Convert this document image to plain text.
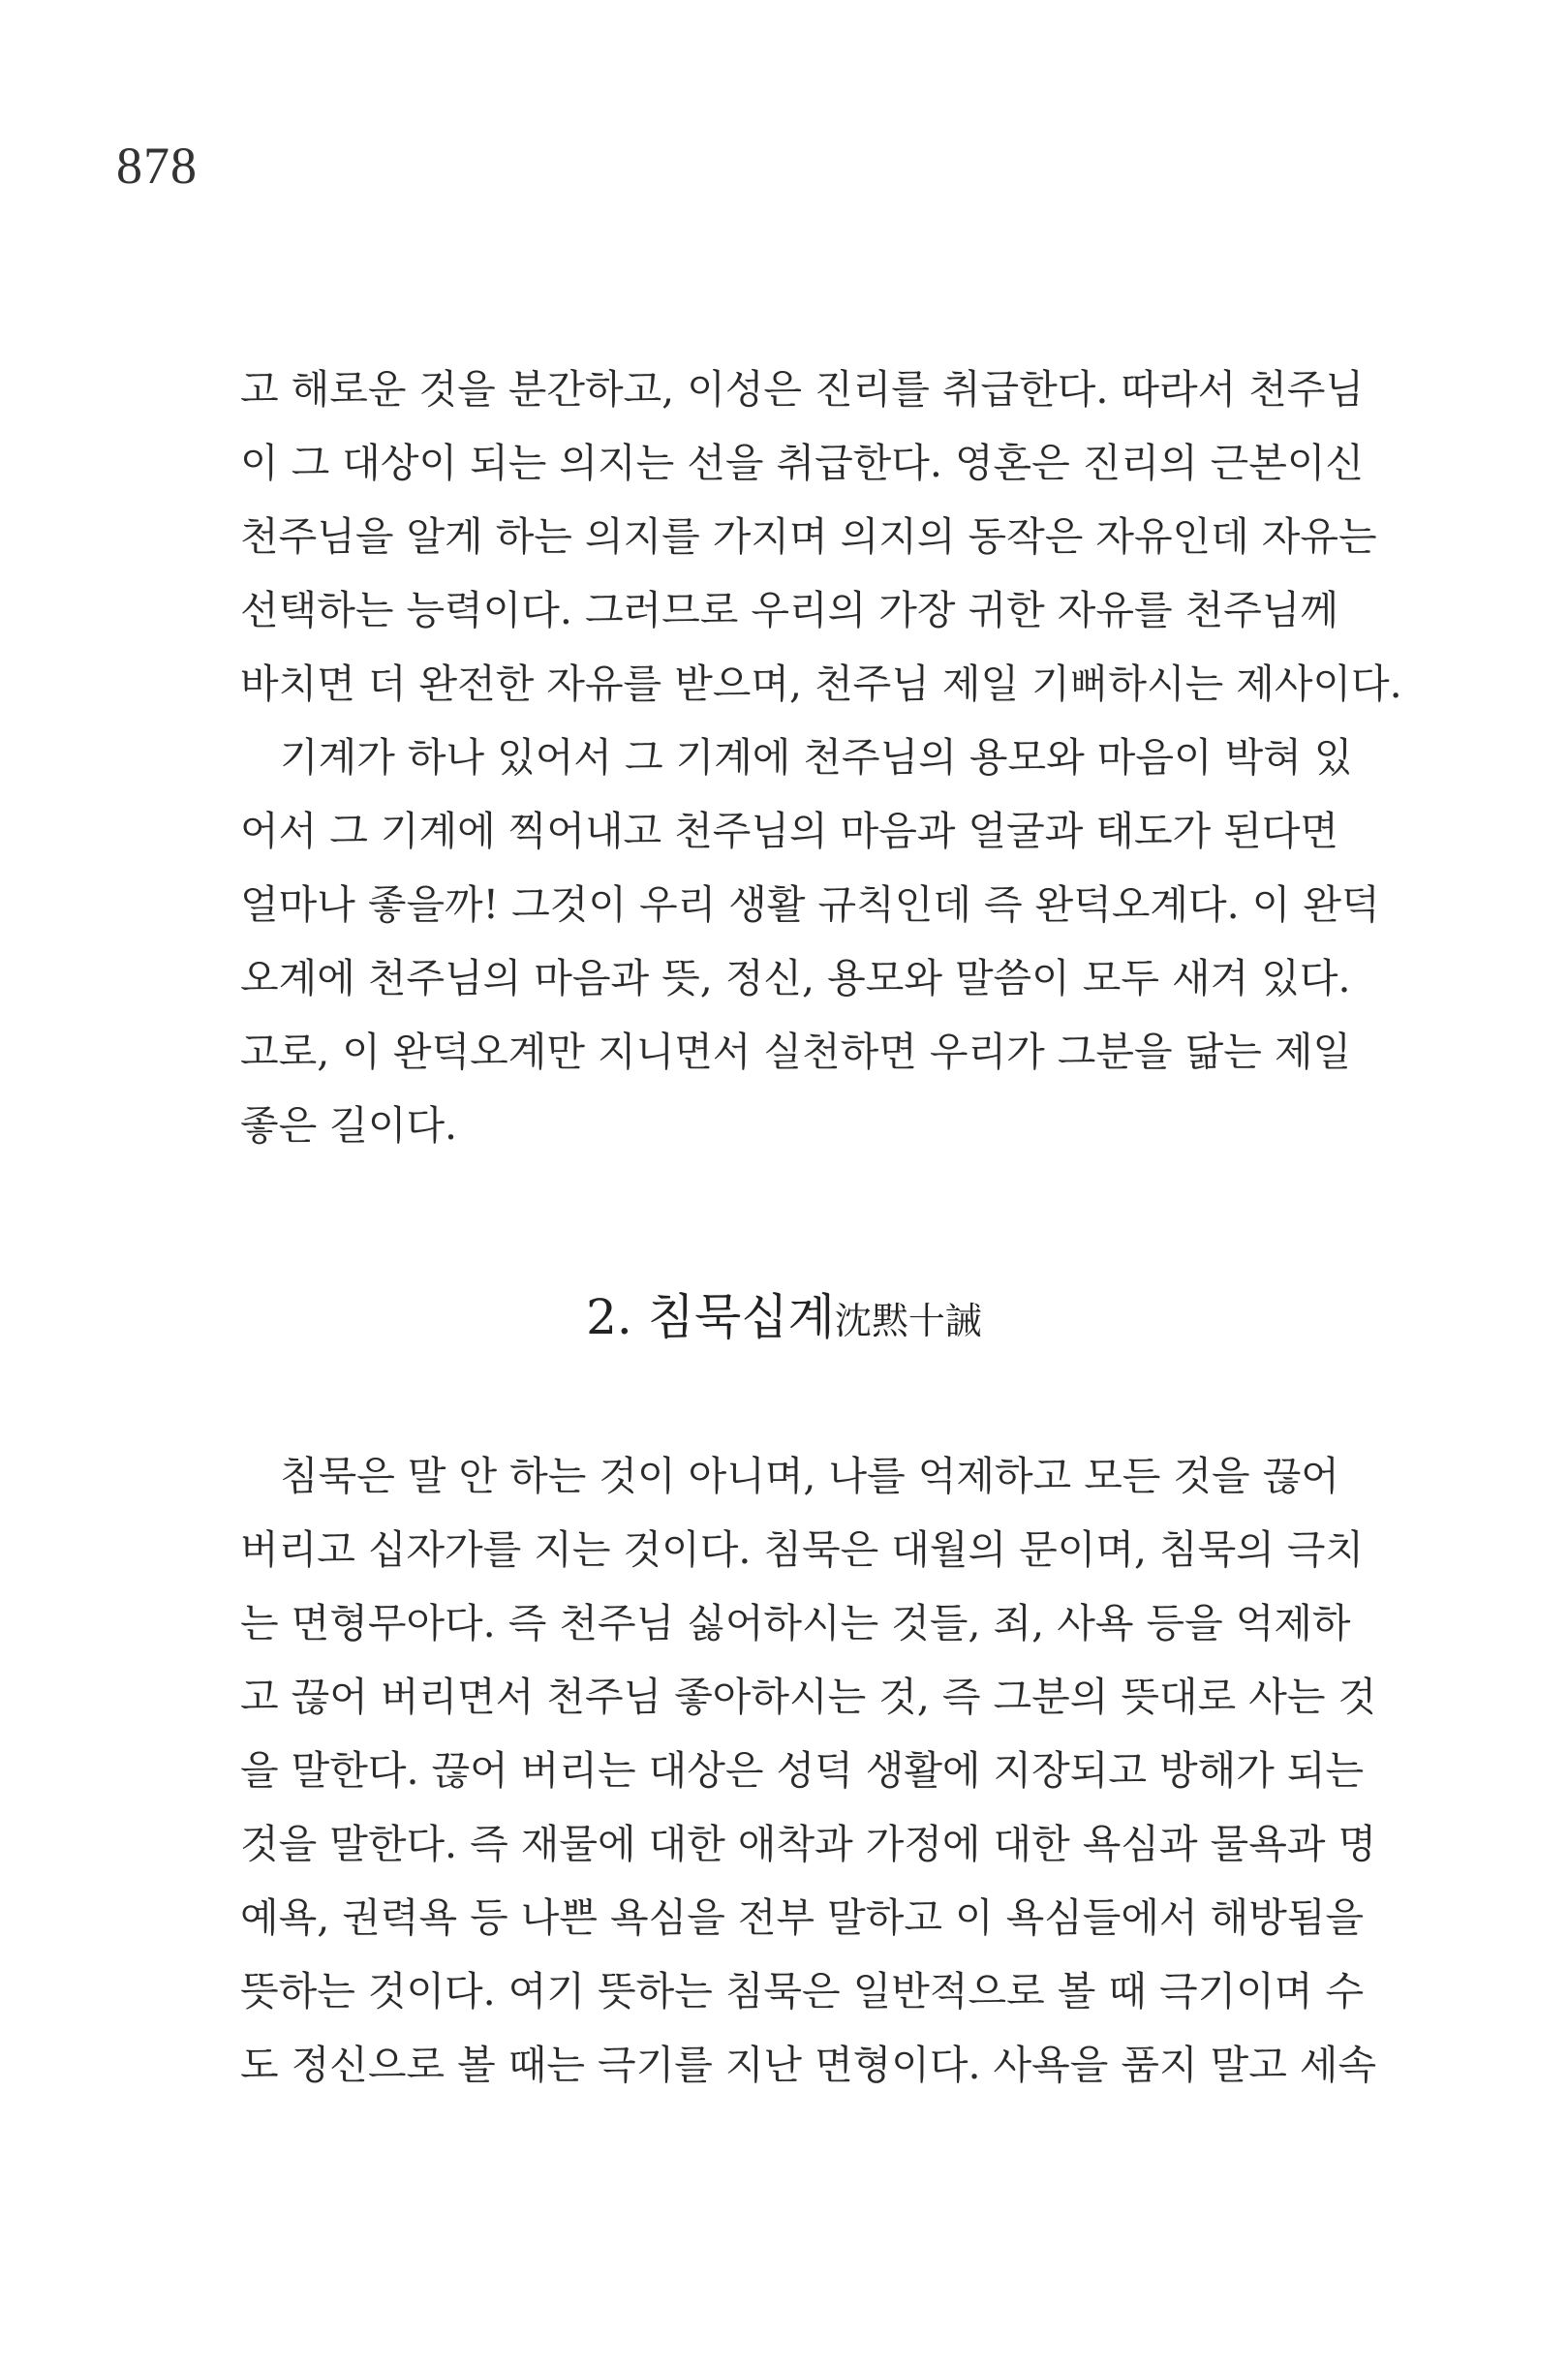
878
고 해로운 것을 분간하고, 이성은 진리를 취급한다. 따라서 천주님
이 그 대상이 되는 의지는 선을 취급한다. 영혼은 진리의 근본이신
천주님을 알게 하는 의지를 가지며 의지의 동작은 자유인데 자유는
선택하는 능력이다. 그러므로 우리의 가장 귀한 자유를 천주님께
바치면 더 완전한 자유를 받으며, 천주님 제일 기뻐하시는 제사이다.
　기계가 하나 있어서 그 기계에 천주님의 용모와 마음이 박혀 있
어서 그 기계에 찍어내고 천주님의 마음과 얼굴과 태도가 된다면
얼마나 좋을까! 그것이 우리 생활 규칙인데 즉 완덕오계다. 이 완덕
오계에 천주님의 마음과 뜻, 정신, 용모와 말씀이 모두 새겨 있다.
고로, 이 완덕오계만 지니면서 실천하면 우리가 그분을 닮는 제일
좋은 길이다.
2. 침묵십계沈黙十誡
　침묵은 말 안 하는 것이 아니며, 나를 억제하고 모든 것을 끊어
버리고 십자가를 지는 것이다. 침묵은 대월의 문이며, 침묵의 극치
는 면형무아다. 즉 천주님 싫어하시는 것들, 죄, 사욕 등을 억제하
고 끊어 버리면서 천주님 좋아하시는 것, 즉 그분의 뜻대로 사는 것
을 말한다. 끊어 버리는 대상은 성덕 생활에 지장되고 방해가 되는
것을 말한다. 즉 재물에 대한 애착과 가정에 대한 욕심과 물욕과 명
예욕, 권력욕 등 나쁜 욕심을 전부 말하고 이 욕심들에서 해방됨을
뜻하는 것이다. 여기 뜻하는 침묵은 일반적으로 볼 때 극기이며 수
도 정신으로 볼 때는 극기를 지난 면형이다. 사욕을 품지 말고 세속
